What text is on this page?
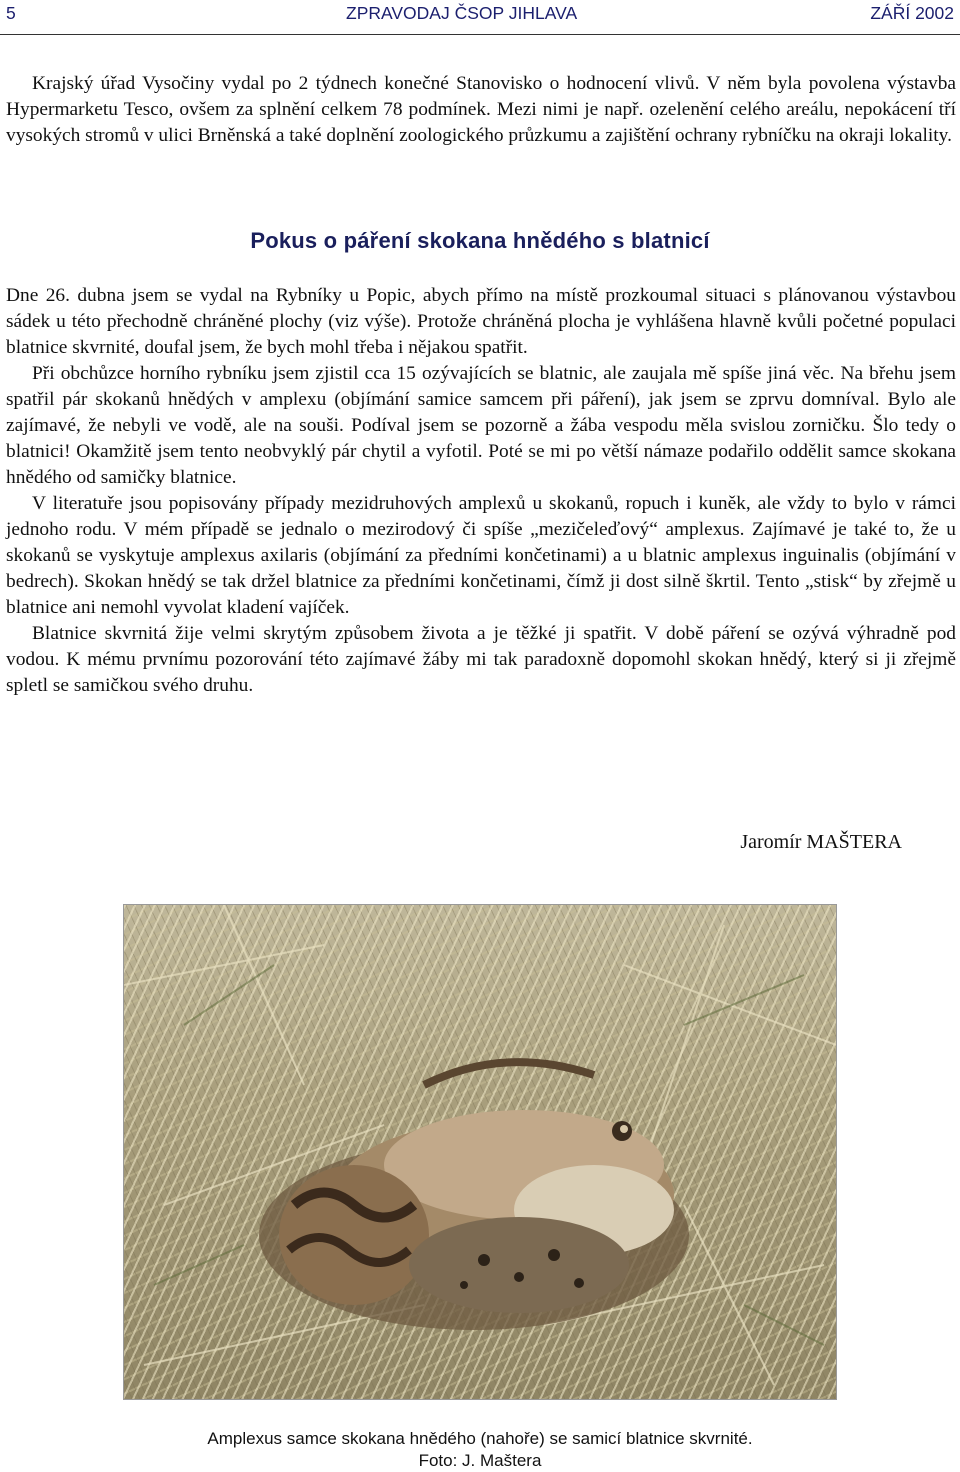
5	ZPRAVODAJ ČSOP JIHLAVA	ZÁŘÍ 2002

Krajský úřad Vysočiny vydal po 2 týdnech konečné Stanovisko o hodnocení vlivů. V něm byla povolena výstavba Hypermarketu Tesco, ovšem za splnění celkem 78 podmínek. Mezi nimi je např. ozelenění celého areálu, nepokácení tří vysokých stromů v ulici Brněnská a také doplnění zoologického průzkumu a zajištění ochrany rybníčku na okraji lokality.

Pokus o páření skokana hnědého s blatnicí

Dne 26. dubna jsem se vydal na Rybníky u Popic, abych přímo na místě prozkoumal situaci s plánovanou výstavbou sádek u této přechodně chráněné plochy (viz výše). Protože chráněná plocha je vyhlášena hlavně kvůli početné populaci blatnice skvrnité, doufal jsem, že bych mohl třeba i nějakou spatřit.

Při obchůzce horního rybníku jsem zjistil cca 15 ozývajících se blatnic, ale zaujala mě spíše jiná věc. Na břehu jsem spatřil pár skokanů hnědých v amplexu (objímání samice samcem při páření), jak jsem se zprvu domníval. Bylo ale zajímavé, že nebyli ve vodě, ale na souši. Podíval jsem se pozorně a žába vespodu měla svislou zorničku. Šlo tedy o blatnici! Okamžitě jsem tento neobvyklý pár chytil a vyfotil. Poté se mi po větší námaze podařilo oddělit samce skokana hnědého od samičky blatnice.

V literatuře jsou popisovány případy mezidruhových amplexů u skokanů, ropuch i kuněk, ale vždy to bylo v rámci jednoho rodu. V mém případě se jednalo o mezirodový či spíše „mezičeleďový“ amplexus. Zajímavé je také to, že u skokanů se vyskytuje amplexus axilaris (objímání za předními končetinami) a u blatnic amplexus inguinalis (objímání v bedrech). Skokan hnědý se tak držel blatnice za předními končetinami, čímž ji dost silně škrtil. Tento „stisk“ by zřejmě u blatnice ani nemohl vyvolat kladení vajíček.

Blatnice skvrnitá žije velmi skrytým způsobem života a je těžké ji spatřit. V době páření se ozývá výhradně pod vodou. K mému prvnímu pozorování této zajímavé žáby mi tak paradoxně dopomohl skokan hnědý, který si ji zřejmě spletl se samičkou svého druhu.

Jaromír MAŠTERA
Amplexus samce skokana hnědého (nahoře) se samicí blatnice skvrnité.
Foto: J. Maštera
